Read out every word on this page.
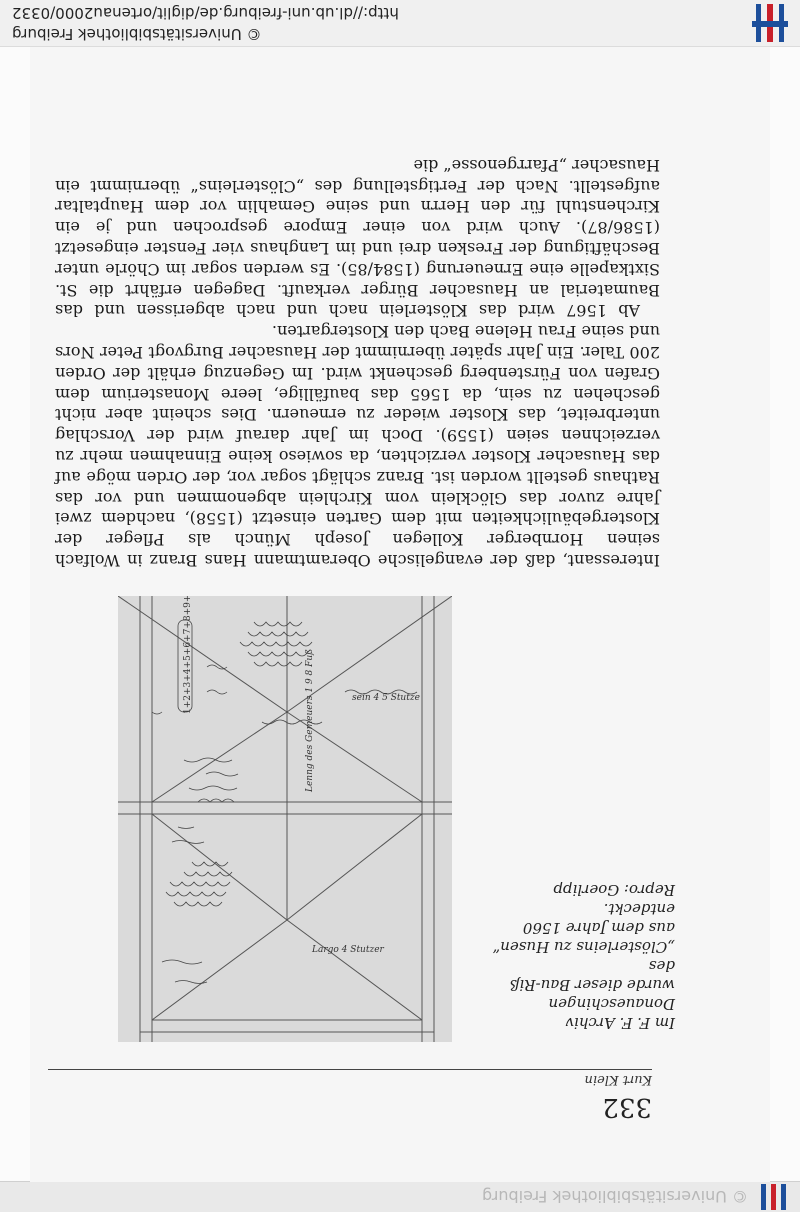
© Universitätsbibliothek Freiburg
332
Kurt Klein
Largo 4 Stutzer
Lenng des Gemeuers 1 9 8 Fuß	sein 4 5 Stutze
1+2+3+4+5+6+7+8+9+10

Im F. F. Archiv Donaueschingen

wurde dieser Bau-Riß des

„Clösterleins zu Husen“

aus dem Jahre 1560 entdeckt.

Repro: Goerlipp

Interessant, daß der evangelische Oberamtmann Hans Branz in Wolfach seinen Hornberger Kollegen Joseph Münch als Pfleger der Klostergebäulichkeiten mit dem Garten einsetzt (1558), nachdem zwei Jahre zuvor das Glöcklein vom Kirchlein abgenommen und vor das Rathaus gestellt worden ist. Branz schlägt sogar vor, der Orden möge auf das Hausacher Kloster verzichten, da sowieso keine Einnahmen mehr zu verzeichnen seien (1559). Doch im Jahr darauf wird der Vorschlag unterbreitet, das Kloster wieder zu erneuern. Dies scheint aber nicht geschehen zu sein, da 1565 das baufällige, leere Monasterium dem Grafen von Fürstenberg geschenkt wird. Im Gegenzug erhält der Orden 200 Taler. Ein Jahr später übernimmt der Hausacher Burgvogt Peter Nors und seine Frau Helene Bach den Klostergarten.

Ab 1567 wird das Klösterlein nach und nach abgerissen und das Baumaterial an Hausacher Bürger verkauft. Dagegen erfährt die St. Sixtkapelle eine Erneuerung (1584/85). Es werden sogar im Chörle unter Beschäftigung der Fresken drei und im Langhaus vier Fenster eingesetzt (1586/87). Auch wird von einer Empore gesprochen und je ein Kirchenstuhl für den Herrn und seine Gemahlin vor dem Hauptaltar aufgestellt. Nach der Fertigstellung des „Clösterleins“ übernimmt ein Hausacher „Pfarrgenosse“ die

© Universitätsbibliothek Freiburg
http://dl.ub.uni-freiburg.de/diglit/ortenau2000/0332
